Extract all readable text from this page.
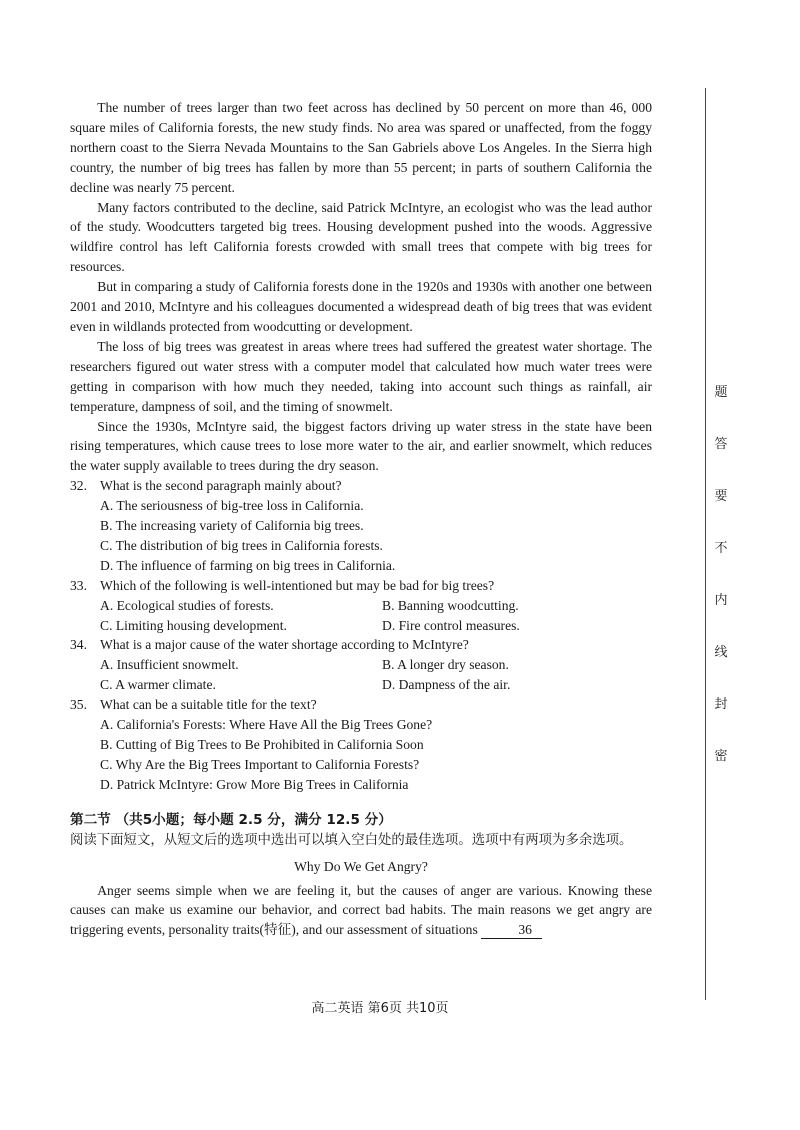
题
答
要
不
内
线
封
密

The number of trees larger than two feet across has declined by 50 percent on more than 46, 000 square miles of California forests, the new study finds. No area was spared or unaffected, from the foggy northern coast to the Sierra Nevada Mountains to the San Gabriels above Los Angeles. In the Sierra high country, the number of big trees has fallen by more than 55 percent; in parts of southern California the decline was nearly 75 percent.

Many factors contributed to the decline, said Patrick McIntyre, an ecologist who was the lead author of the study. Woodcutters targeted big trees. Housing development pushed into the woods. Aggressive wildfire control has left California forests crowded with small trees that compete with big trees for resources.

But in comparing a study of California forests done in the 1920s and 1930s with another one between 2001 and 2010, McIntyre and his colleagues documented a widespread death of big trees that was evident even in wildlands protected from woodcutting or development.

The loss of big trees was greatest in areas where trees had suffered the greatest water shortage. The researchers figured out water stress with a computer model that calculated how much water trees were getting in comparison with how much they needed, taking into account such things as rainfall, air temperature, dampness of soil, and the timing of snowmelt.

Since the 1930s, McIntyre said, the biggest factors driving up water stress in the state have been rising temperatures, which cause trees to lose more water to the air, and earlier snowmelt, which reduces the water supply available to trees during the dry season.

32. What is the second paragraph mainly about?
A. The seriousness of big-tree loss in California.
B. The increasing variety of California big trees.
C. The distribution of big trees in California forests.
D. The influence of farming on big trees in California.
33. Which of the following is well-intentioned but may be bad for big trees?
A. Ecological studies of forests.	B. Banning woodcutting.
C. Limiting housing development.	D. Fire control measures.
34. What is a major cause of the water shortage according to McIntyre?
A. Insufficient snowmelt.	B. A longer dry season.
C. A warmer climate.	D. Dampness of the air.
35. What can be a suitable title for the text?
A. California's Forests: Where Have All the Big Trees Gone?
B. Cutting of Big Trees to Be Prohibited in California Soon
C. Why Are the Big Trees Important to California Forests?
D. Patrick McIntyre: Grow More Big Trees in California
第二节 （共5小题；每小题 2.5 分，满分 12.5 分）
阅读下面短文，从短文后的选项中选出可以填入空白处的最佳选项。选项中有两项为多余选项。
Why Do We Get Angry?

Anger seems simple when we are feeling it, but the causes of anger are various. Knowing these causes can make us examine our behavior, and correct bad habits. The main reasons we get angry are triggering events, personality traits(特征), and our assessment of situations	36

高二英语 第6页 共10页
